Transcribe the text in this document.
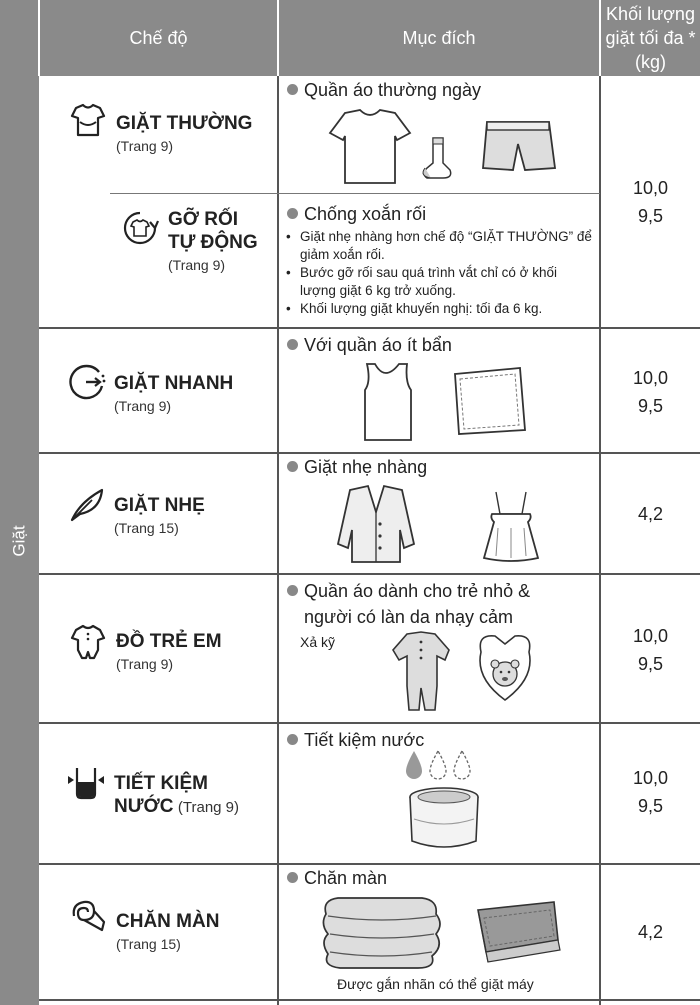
Chế độ	Mục đích
Khối lượng giặt tối đa * (kg)
Giặt
GIẶT THƯỜNG
(Trang 9)
Quần áo thường ngày
GỠ RỐI
TỰ ĐỘNG
(Trang 9)
Chống xoắn rối
• Giặt nhẹ nhàng hơn chế độ “GIẶT THƯỜNG” để giảm xoắn rối.
• Bước gỡ rối sau quá trình vắt chỉ có ở khối lượng giặt 6 kg trở xuống.
• Khối lượng giặt khuyến nghị: tối đa 6 kg.
10,0
9,5
GIẶT NHANH
(Trang 9)
Với quần áo ít bẩn
10,0
9,5
GIẶT NHẸ
(Trang 15)
Giặt nhẹ nhàng
4,2
ĐỒ TRẺ EM
(Trang 9)
Quần áo dành cho trẻ nhỏ &
người có làn da nhạy cảm
Xả kỹ	10,0
9,5
TIẾT KIỆM
NƯỚC (Trang 9)
Tiết kiệm nước
10,0
9,5
CHĂN MÀN
(Trang 15)
Chăn màn
Được gắn nhãn có thể giặt máy
4,2
